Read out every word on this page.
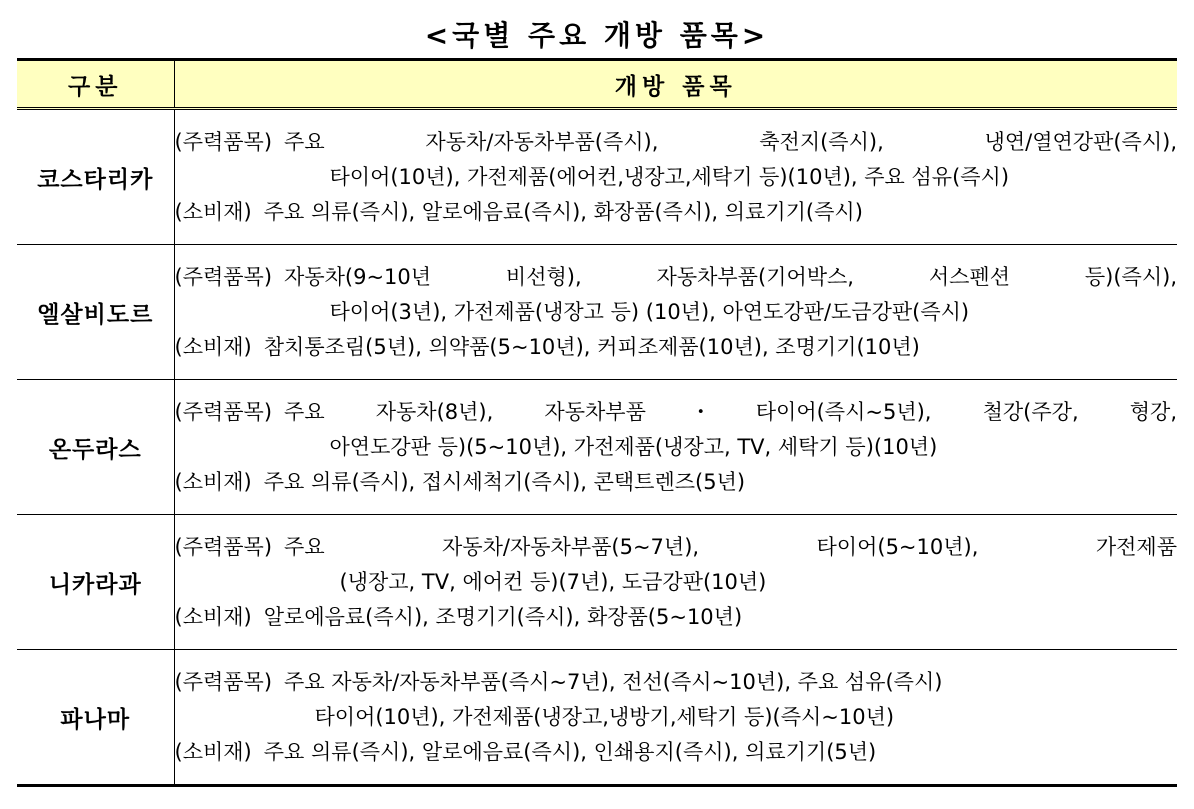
<국별 주요 개방 품목>
구분	개방 품목
코스타리카	(주력품목) 주요 자동차/자동차부품(즉시), 축전지(즉시), 냉연/열연강판(즉시),
타이어(10년), 가전제품(에어컨,냉장고,세탁기 등)(10년), 주요 섬유(즉시)
(소비재) 주요 의류(즉시), 알로에음료(즉시), 화장품(즉시), 의료기기(즉시)

엘살비도르	(주력품목) 자동차(9~10년 비선형), 자동차부품(기어박스, 서스펜션 등)(즉시),
타이어(3년), 가전제품(냉장고 등) (10년), 아연도강판/도금강판(즉시)
(소비재) 참치통조림(5년), 의약품(5~10년), 커피조제품(10년), 조명기기(10년)

온두라스	(주력품목) 주요 자동차(8년), 자동차부품・타이어(즉시~5년), 철강(주강, 형강,
아연도강판 등)(5~10년), 가전제품(냉장고, TV, 세탁기 등)(10년)
(소비재) 주요 의류(즉시), 접시세척기(즉시), 콘택트렌즈(5년)

니카라과	(주력품목) 주요 자동차/자동차부품(5~7년), 타이어(5~10년), 가전제품
(냉장고, TV, 에어컨 등)(7년), 도금강판(10년)
(소비재) 알로에음료(즉시), 조명기기(즉시), 화장품(5~10년)

파나마	(주력품목) 주요 자동차/자동차부품(즉시~7년), 전선(즉시~10년), 주요 섬유(즉시)
타이어(10년), 가전제품(냉장고,냉방기,세탁기 등)(즉시~10년)
(소비재) 주요 의류(즉시), 알로에음료(즉시), 인쇄용지(즉시), 의료기기(5년)
